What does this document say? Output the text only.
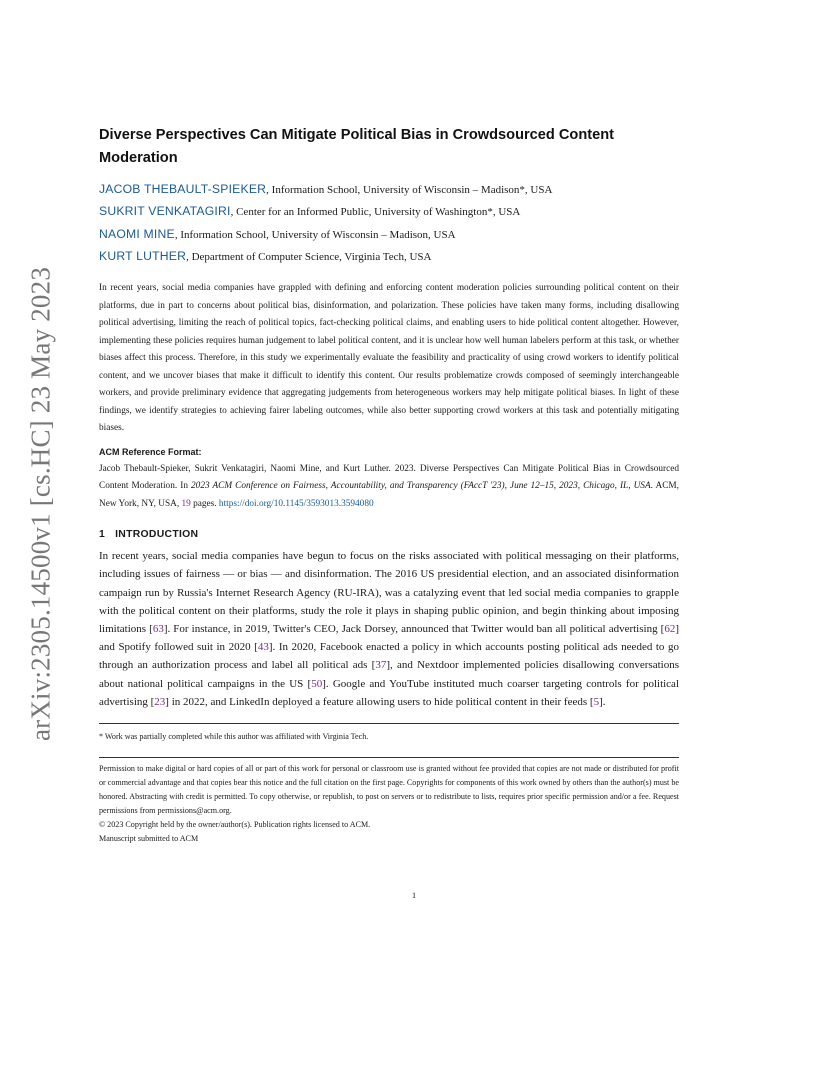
arXiv:2305.14500v1 [cs.HC] 23 May 2023
Diverse Perspectives Can Mitigate Political Bias in Crowdsourced Content Moderation
JACOB THEBAULT-SPIEKER, Information School, University of Wisconsin – Madison*, USA
SUKRIT VENKATAGIRI, Center for an Informed Public, University of Washington*, USA
NAOMI MINE, Information School, University of Wisconsin – Madison, USA
KURT LUTHER, Department of Computer Science, Virginia Tech, USA

In recent years, social media companies have grappled with defining and enforcing content moderation policies surrounding political content on their platforms, due in part to concerns about political bias, disinformation, and polarization. These policies have taken many forms, including disallowing political advertising, limiting the reach of political topics, fact-checking political claims, and enabling users to hide political content altogether. However, implementing these policies requires human judgement to label political content, and it is unclear how well human labelers perform at this task, or whether biases affect this process. Therefore, in this study we experimentally evaluate the feasibility and practicality of using crowd workers to identify political content, and we uncover biases that make it difficult to identify this content. Our results problematize crowds composed of seemingly interchangeable workers, and provide preliminary evidence that aggregating judgements from heterogeneous workers may help mitigate political biases. In light of these findings, we identify strategies to achieving fairer labeling outcomes, while also better supporting crowd workers at this task and potentially mitigating biases.

ACM Reference Format:
Jacob Thebault-Spieker, Sukrit Venkatagiri, Naomi Mine, and Kurt Luther. 2023. Diverse Perspectives Can Mitigate Political Bias in Crowdsourced Content Moderation. In 2023 ACM Conference on Fairness, Accountability, and Transparency (FAccT '23), June 12–15, 2023, Chicago, IL, USA. ACM, New York, NY, USA, 19 pages. https://doi.org/10.1145/3593013.3594080
1 INTRODUCTION

In recent years, social media companies have begun to focus on the risks associated with political messaging on their platforms, including issues of fairness — or bias — and disinformation. The 2016 US presidential election, and an associated disinformation campaign run by Russia's Internet Research Agency (RU-IRA), was a catalyzing event that led social media companies to grapple with the political content on their platforms, study the role it plays in shaping public opinion, and begin thinking about imposing limitations [63]. For instance, in 2019, Twitter's CEO, Jack Dorsey, announced that Twitter would ban all political advertising [62] and Spotify followed suit in 2020 [43]. In 2020, Facebook enacted a policy in which accounts posting political ads needed to go through an authorization process and label all political ads [37], and Nextdoor implemented policies disallowing conversations about national political campaigns in the US [50]. Google and YouTube instituted much coarser targeting controls for political advertising [23] in 2022, and LinkedIn deployed a feature allowing users to hide political content in their feeds [5].

* Work was partially completed while this author was affiliated with Virginia Tech.
Permission to make digital or hard copies of all or part of this work for personal or classroom use is granted without fee provided that copies are not made or distributed for profit or commercial advantage and that copies bear this notice and the full citation on the first page. Copyrights for components of this work owned by others than the author(s) must be honored. Abstracting with credit is permitted. To copy otherwise, or republish, to post on servers or to redistribute to lists, requires prior specific permission and/or a fee. Request permissions from permissions@acm.org.
© 2023 Copyright held by the owner/author(s). Publication rights licensed to ACM.
Manuscript submitted to ACM
1
